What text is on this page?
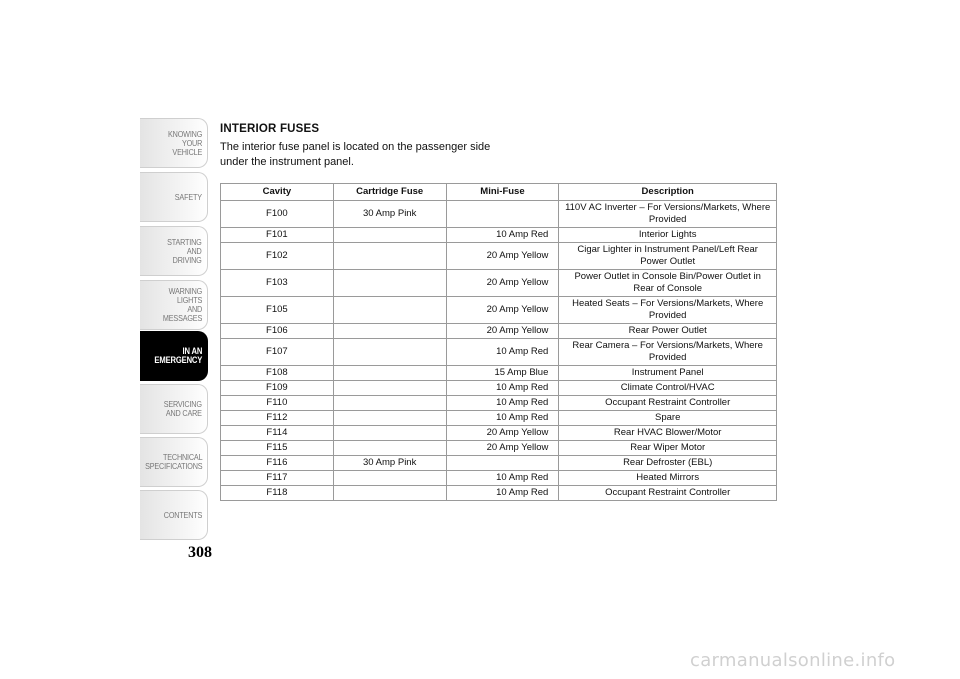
KNOWING
YOUR
VEHICLE
SAFETY
STARTING
AND
DRIVING
WARNING
LIGHTS
AND
MESSAGES
IN AN
EMERGENCY
SERVICING
AND CARE
TECHNICAL
SPECIFICATIONS
CONTENTS
308
INTERIOR FUSES
The interior fuse panel is located on the passenger side under the instrument panel.
Cavity	Cartridge Fuse	Mini-Fuse	Description
F100	30 Amp Pink		110V AC Inverter – For Versions/Markets, Where Provided
F101		10 Amp Red	Interior Lights
F102		20 Amp Yellow	Cigar Lighter in Instrument Panel/Left Rear Power Outlet
F103		20 Amp Yellow	Power Outlet in Console Bin/Power Outlet in Rear of Console
F105		20 Amp Yellow	Heated Seats – For Versions/Markets, Where Provided
F106		20 Amp Yellow	Rear Power Outlet
F107		10 Amp Red	Rear Camera – For Versions/Markets, Where Provided
F108		15 Amp Blue	Instrument Panel
F109		10 Amp Red	Climate Control/HVAC
F110		10 Amp Red	Occupant Restraint Controller
F112		10 Amp Red	Spare
F114		20 Amp Yellow	Rear HVAC Blower/Motor
F115		20 Amp Yellow	Rear Wiper Motor
F116	30 Amp Pink		Rear Defroster (EBL)
F117		10 Amp Red	Heated Mirrors
F118		10 Amp Red	Occupant Restraint Controller
carmanualsonline.info
